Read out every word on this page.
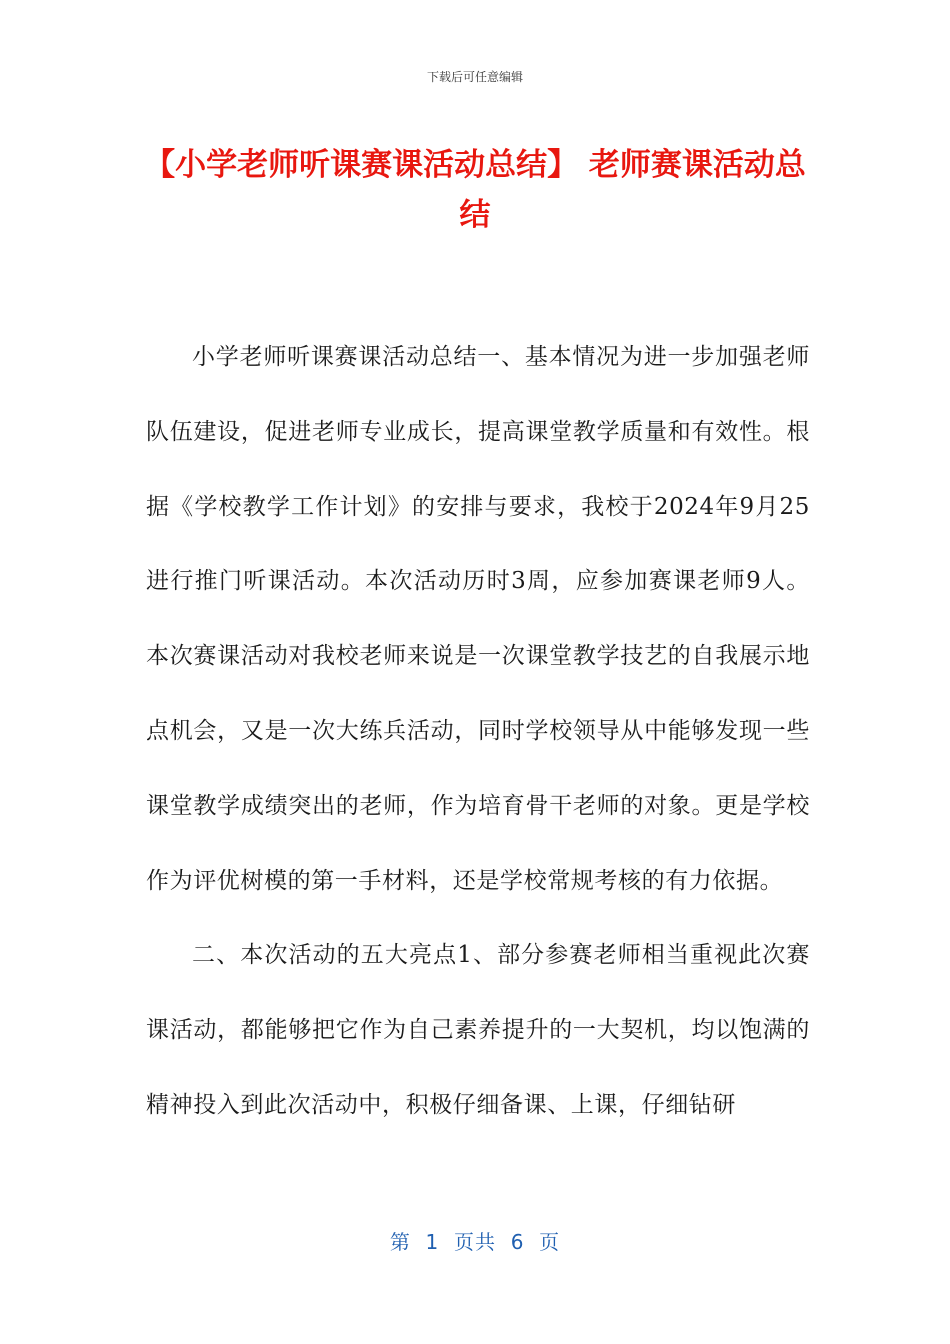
下载后可任意编辑
【小学老师听课赛课活动总结】 老师赛课活动总结

小学老师听课赛课活动总结一、基本情况为进一步加强老师队伍建设，促进老师专业成长，提高课堂教学质量和有效性。根据《学校教学工作计划》的安排与要求，我校于2024年9月25进行推门听课活动。本次活动历时3周，应参加赛课老师9人。本次赛课活动对我校老师来说是一次课堂教学技艺的自我展示地点机会，又是一次大练兵活动，同时学校领导从中能够发现一些课堂教学成绩突出的老师，作为培育骨干老师的对象。更是学校作为评优树模的第一手材料，还是学校常规考核的有力依据。

二、本次活动的五大亮点1、部分参赛老师相当重视此次赛课活动，都能够把它作为自己素养提升的一大契机，均以饱满的精神投入到此次活动中，积极仔细备课、上课，仔细钻研

第  1  页共  6  页
